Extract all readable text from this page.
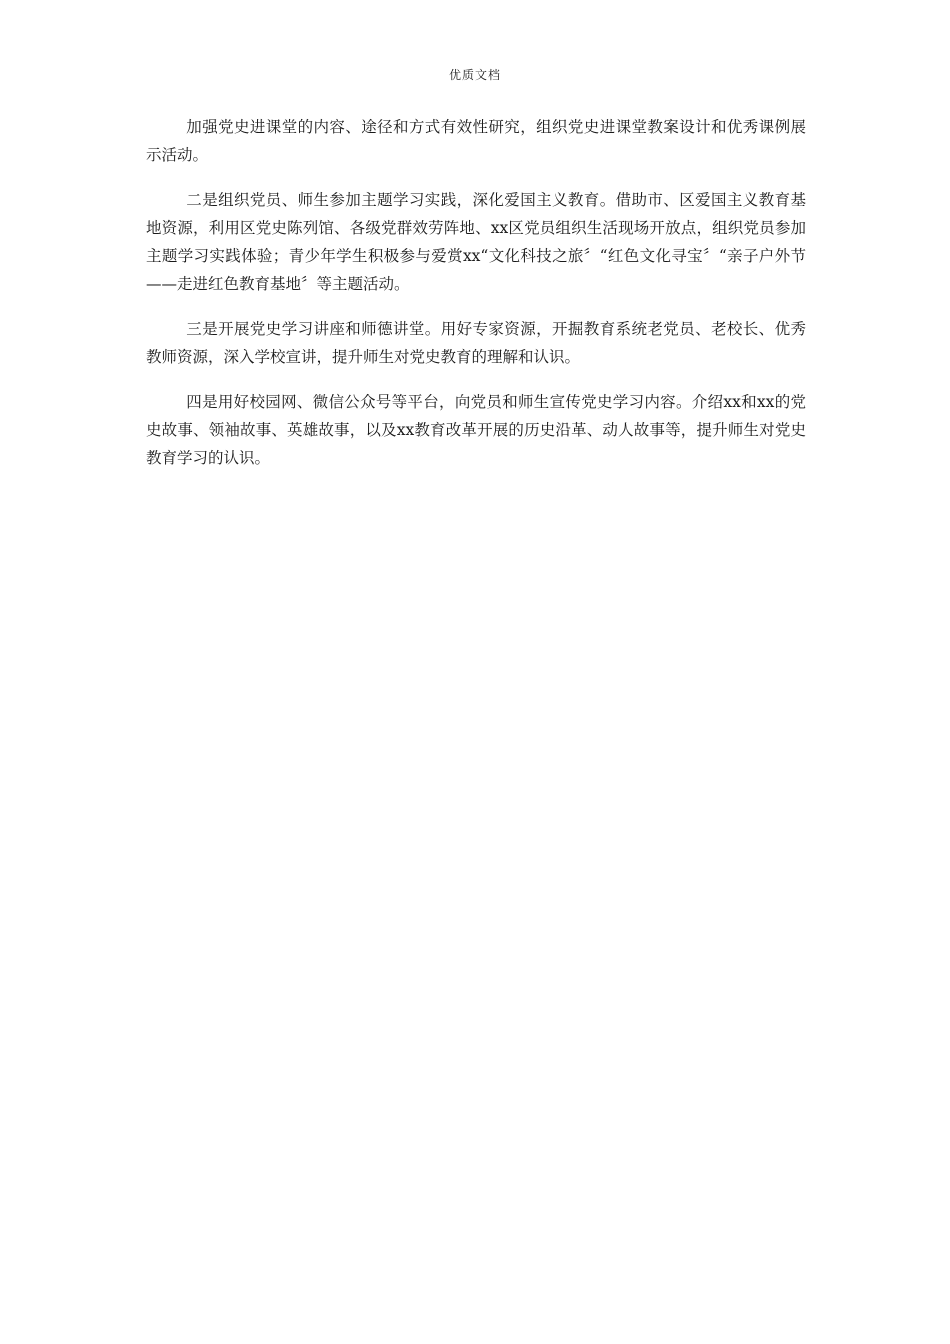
优质文档

加强党史进课堂的内容、途径和方式有效性研究，组织党史进课堂教案设计和优秀课例展示活动。

二是组织党员、师生参加主题学习实践，深化爱国主义教育。借助市、区爱国主义教育基地资源，利用区党史陈列馆、各级党群效劳阵地、xx区党员组织生活现场开放点，组织党员参加主题学习实践体验；青少年学生积极参与爱赏xx“文化科技之旅〞“红色文化寻宝〞“亲子户外节——走进红色教育基地〞等主题活动。

三是开展党史学习讲座和师德讲堂。用好专家资源，开掘教育系统老党员、老校长、优秀教师资源，深入学校宣讲，提升师生对党史教育的理解和认识。

四是用好校园网、微信公众号等平台，向党员和师生宣传党史学习内容。介绍xx和xx的党史故事、领袖故事、英雄故事，以及xx教育改革开展的历史沿革、动人故事等，提升师生对党史教育学习的认识。
